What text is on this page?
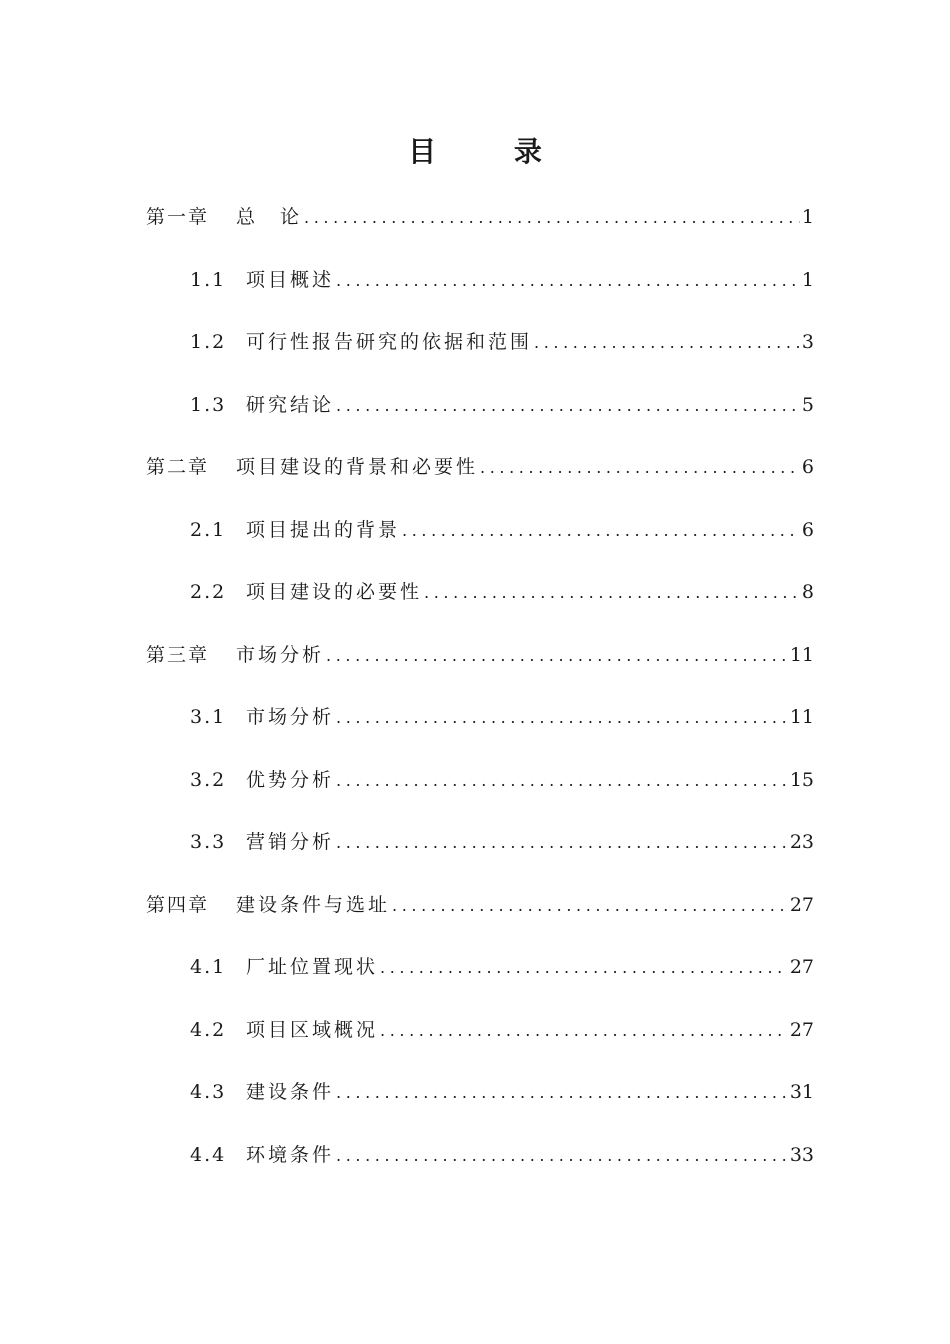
目 录
第一章	总　论 .....	1
1.1	项目概述 .....	1
1.2	可行性报告研究的依据和范围 .....	3
1.3	研究结论 .....	5
第二章	项目建设的背景和必要性 .....	6
2.1	项目提出的背景 .....	6
2.2	项目建设的必要性 .....	8
第三章	市场分析 .....	11
3.1	市场分析 .....	11
3.2	优势分析 .....	15
3.3	营销分析 .....	23
第四章	建设条件与选址 .....	27
4.1	厂址位置现状 .....	27
4.2	项目区域概况 .....	27
4.3	建设条件 .....	31
4.4	环境条件 .....	33
